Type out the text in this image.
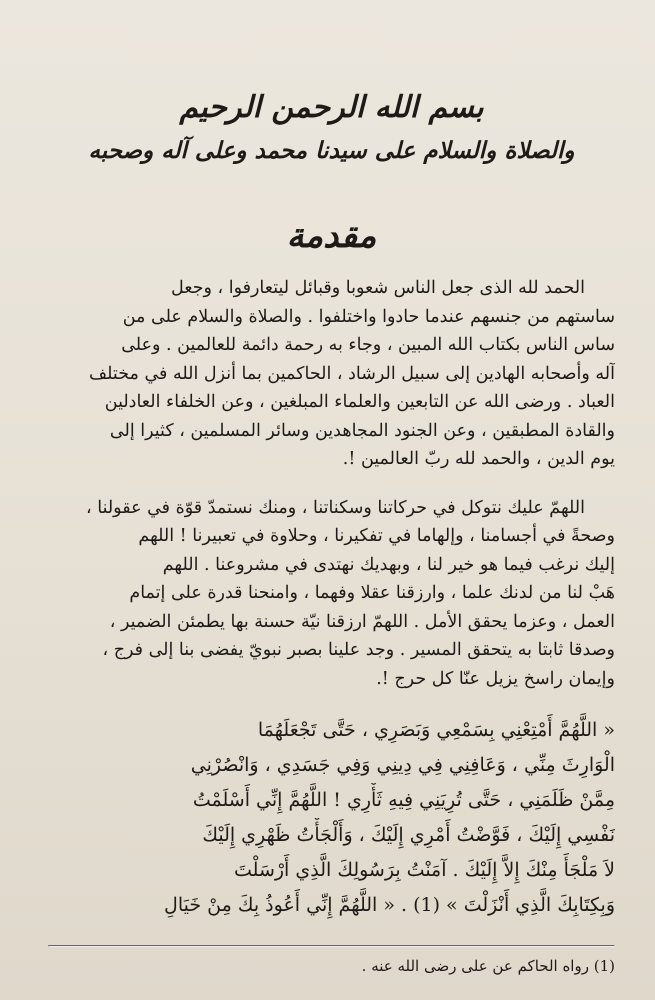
بسم الله الرحمن الرحيم
والصلاة والسلام على سيدنا محمد وعلى آله وصحبه
مقدمة

الحمد لله الذى جعل الناس شعوبا وقبائل ليتعارفوا ، وجعل

ساستهم من جنسهم عندما حادوا واختلفوا . والصلاة والسلام على من

ساس الناس بكتاب الله المبين ، وجاء به رحمة دائمة للعالمين . وعلى

آله وأصحابه الهادين إلى سبيل الرشاد ، الحاكمين بما أنزل الله في مختلف

العباد . ورضى الله عن التابعين والعلماء المبلغين ، وعن الخلفاء العادلين

والقادة المطبقين ، وعن الجنود المجاهدين وسائر المسلمين ، كثيرا إلى

يوم الدين ، والحمد لله ربّ العالمين !.

اللهمّ عليك نتوكل في حركاتنا وسكناتنا ، ومنك نستمدّ قوّة في عقولنا ،

وصحةً في أجسامنا ، وإلهاما في تفكيرنا ، وحلاوة في تعبيرنا ! اللهم

إليك نرغب فيما هو خير لنا ، وبهديك نهتدى في مشروعنا . اللهم

هَبْ لنا من لدنك علما ، وارزقنا عقلا وفهما ، وامنحنا قدرة على إتمام

العمل ، وعزما يحقق الأمل . اللهمّ ارزقنا نيّة حسنة بها يطمئن الضمير ،

وصدقا ثابتا به يتحقق المسير . وجد علينا بصبر نبويّ يفضى بنا إلى فرج ،

وإيمان راسخ يزيل عنّا كل حرج !.

« اللَّهُمَّ أَمْتِعْنِي بِسَمْعِي وَبَصَرِي ، حَتَّى تَجْعَلَهُمَا

الْوَارِثَ مِنِّي ، وَعَافِنِي فِي دِينِي وَفِي جَسَدِي ، وَانْصُرْنِي

مِمَّنْ ظَلَمَنِي ، حَتَّى تُرِيَنِي فِيهِ ثَأْرِي ! اللَّهُمَّ إِنِّي أَسْلَمْتُ

نَفْسِي إِلَيْكَ ، فَوَّضْتُ أَمْرِي إِلَيْكَ ، وَأَلْجَأْتُ ظَهْرِي إِلَيْكَ

لاَ مَلْجَأَ مِنْكَ إِلاَّ إِلَيْكَ . آمَنْتُ بِرَسُولِكَ الَّذِي أَرْسَلْتَ

وَبِكِتَابِكَ الَّذِي أَنْزَلْتَ » (1) . « اللَّهُمَّ إِنِّي أَعُوذُ بِكَ مِنْ خَيَالِ

(1) رواه الحاكم عن على رضى الله عنه .
